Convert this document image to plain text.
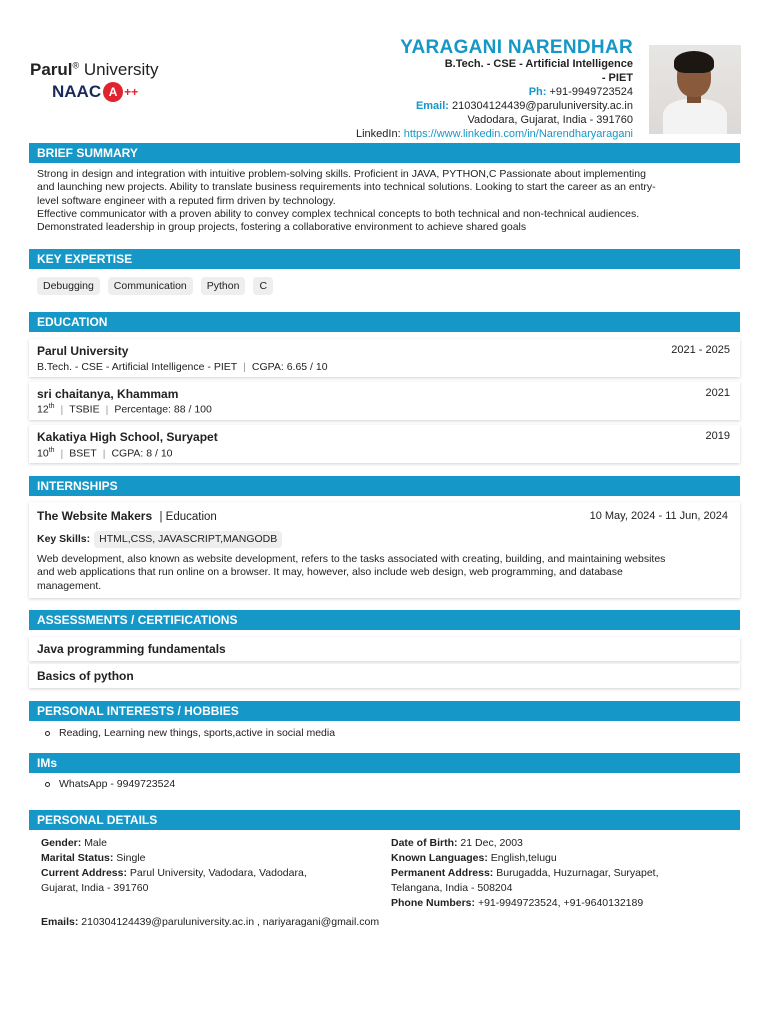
Parul® University
NAAC A ++
YARAGANI NARENDHAR
B.Tech. - CSE - Artificial Intelligence
- PIET
Ph: +91-9949723524
Email: 210304124439@paruluniversity.ac.in
Vadodara, Gujarat, India - 391760
LinkedIn: https://www.linkedin.com/in/Narendharyaragani
BRIEF SUMMARY
Strong in design and integration with intuitive problem-solving skills. Proficient in JAVA, PYTHON,C Passionate about implementing
and launching new projects. Ability to translate business requirements into technical solutions. Looking to start the career as an entry-
level software engineer with a reputed firm driven by technology.
Effective communicator with a proven ability to convey complex technical concepts to both technical and non-technical audiences.
Demonstrated leadership in group projects, fostering a collaborative environment to achieve shared goals
KEY EXPERTISE
Debugging	Communication	Python	C
EDUCATION
Parul University	2021 - 2025
B.Tech. - CSE - Artificial Intelligence - PIET | CGPA: 6.65 / 10
sri chaitanya, Khammam	2021
12th | TSBIE | Percentage: 88 / 100
Kakatiya High School, Suryapet	2019
10th | BSET | CGPA: 8 / 10
INTERNSHIPS
The Website Makers | Education	10 May, 2024 - 11 Jun, 2024
Key Skills: HTML,CSS, JAVASCRIPT,MANGODB
Web development, also known as website development, refers to the tasks associated with creating, building, and maintaining websites
and web applications that run online on a browser. It may, however, also include web design, web programming, and database
management.
ASSESSMENTS / CERTIFICATIONS
Java programming fundamentals
Basics of python
PERSONAL INTERESTS / HOBBIES
Reading, Learning new things, sports,active in social media
IMs
WhatsApp - 9949723524
PERSONAL DETAILS
Gender: Male
Marital Status: Single
Current Address: Parul University, Vadodara, Vadodara,
Gujarat, India - 391760
Date of Birth: 21 Dec, 2003
Known Languages: English,telugu
Permanent Address: Burugadda, Huzurnagar, Suryapet,
Telangana, India - 508204
Phone Numbers: +91-9949723524, +91-9640132189
Emails: 210304124439@paruluniversity.ac.in , nariyaragani@gmail.com
